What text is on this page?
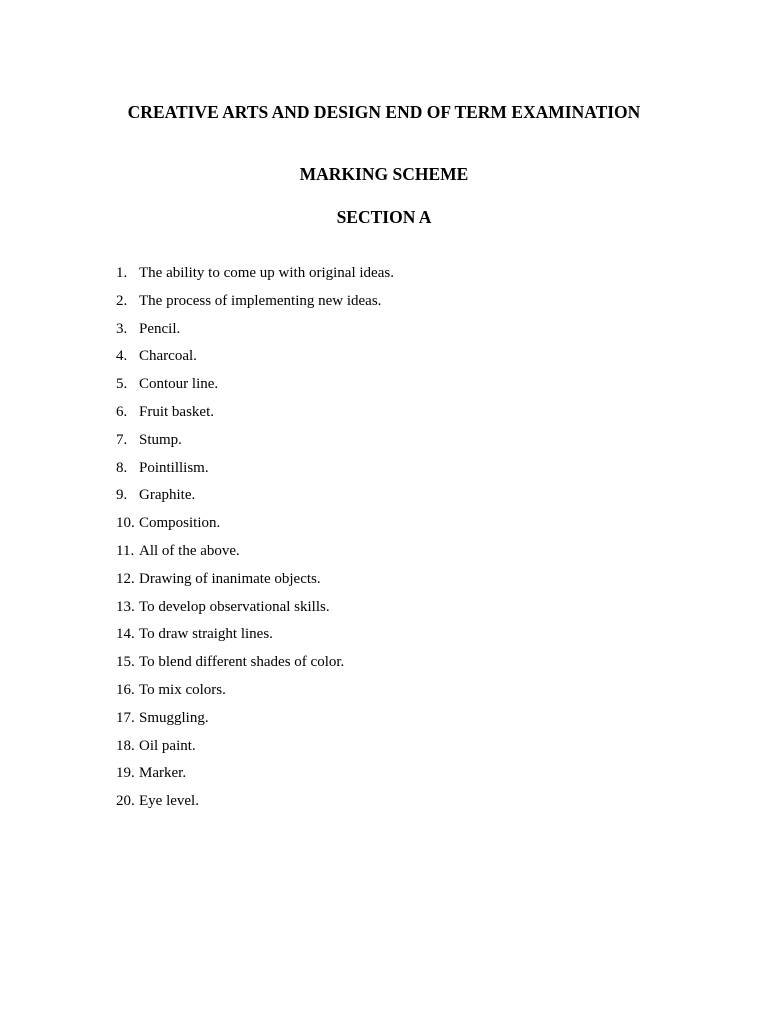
CREATIVE ARTS AND DESIGN END OF TERM EXAMINATION
MARKING SCHEME
SECTION A
1. The ability to come up with original ideas.
2. The process of implementing new ideas.
3. Pencil.
4. Charcoal.
5. Contour line.
6. Fruit basket.
7. Stump.
8. Pointillism.
9. Graphite.
10. Composition.
11. All of the above.
12. Drawing of inanimate objects.
13. To develop observational skills.
14. To draw straight lines.
15. To blend different shades of color.
16. To mix colors.
17. Smuggling.
18. Oil paint.
19. Marker.
20. Eye level.
